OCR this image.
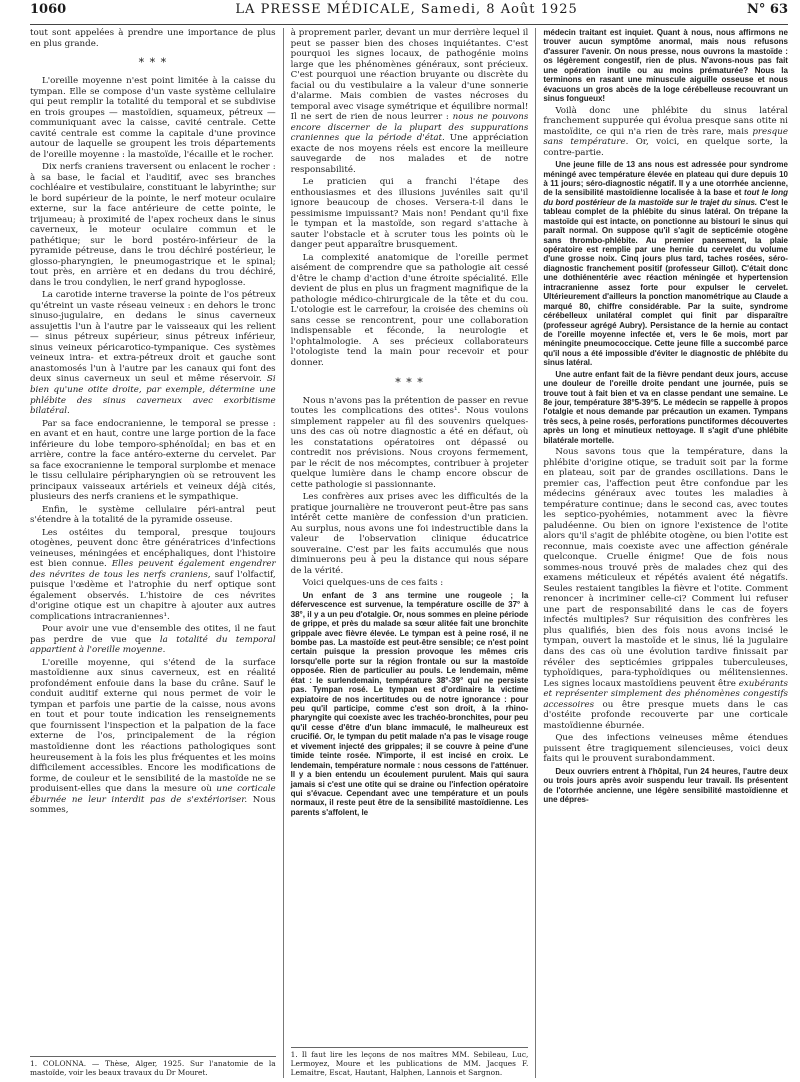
1060	LA PRESSE MÉDICALE, Samedi, 8 Août 1925	N° 63

tout sont appelées à prendre une importance de plus en plus grande.

* * *

L'oreille moyenne n'est point limitée à la caisse du tympan. Elle se compose d'un vaste système cellulaire qui peut remplir la totalité du temporal et se subdivise en trois groupes — mastoïdien, squameux, pétreux — communiquant avec la caisse, cavité centrale. Cette cavité centrale est comme la capitale d'une province autour de laquelle se groupent les trois départements de l'oreille moyenne : la mastoïde, l'écaille et le rocher.

Dix nerfs craniens traversent ou enlacent le rocher : à sa base, le facial et l'auditif, avec ses branches cochléaire et vestibulaire, constituant le labyrinthe; sur le bord supérieur de la pointe, le nerf moteur oculaire externe, sur la face antérieure de cette pointe, le trijumeau; à proximité de l'apex rocheux dans le sinus caverneux, le moteur oculaire commun et le pathétique; sur le bord postéro-inférieur de la pyramide pétreuse, dans le trou déchiré postérieur, le glosso-pharyngien, le pneumogastrique et le spinal; tout près, en arrière et en dedans du trou déchiré, dans le trou condylien, le nerf grand hypoglosse.

La carotide interne traverse la pointe de l'os pétreux qu'étreint un vaste réseau veineux : en dehors le tronc sinuso-jugulaire, en dedans le sinus caverneux assujettis l'un à l'autre par le vaisseaux qui les relient — sinus pétreux supérieur, sinus pétreux inférieur, sinus veineux péricarotico-tympanique. Ces systèmes veineux intra- et extra-pétreux droit et gauche sont anastomosés l'un à l'autre par les canaux qui font des deux sinus caverneux un seul et même réservoir. Si bien qu'une otite droite, par exemple, détermine une phlébite des sinus caverneux avec exorbitisme bilatéral.

Par sa face endocranienne, le temporal se presse : en avant et en haut, contre une large portion de la face inférieure du lobe temporo-sphénoïdal; en bas et en arrière, contre la face antéro-externe du cervelet. Par sa face exocranienne le temporal surplombe et menace le tissu cellulaire péripharyngien où se retrouvent les principaux vaisseaux artériels et veineux déjà cités, plusieurs des nerfs craniens et le sympathique.

Enfin, le système cellulaire péri-antral peut s'étendre à la totalité de la pyramide osseuse.

Les ostéites du temporal, presque toujours otogènes, peuvent donc être génératrices d'infections veineuses, méningées et encéphaliques, dont l'histoire est bien connue. Elles peuvent également engendrer des névrites de tous les nerfs craniens, sauf l'olfactif, puisque l'œdème et l'atrophie du nerf optique sont également observés. L'histoire de ces névrites d'origine otique est un chapitre à ajouter aux autres complications intracraniennes¹.

Pour avoir une vue d'ensemble des otites, il ne faut pas perdre de vue que la totalité du temporal appartient à l'oreille moyenne.

L'oreille moyenne, qui s'étend de la surface mastoïdienne aux sinus caverneux, est en réalité profondément enfouie dans la base du crâne. Sauf le conduit auditif externe qui nous permet de voir le tympan et parfois une partie de la caisse, nous avons en tout et pour toute indication les renseignements que fournissent l'inspection et la palpation de la face externe de l'os, principalement de la région mastoïdienne dont les réactions pathologiques sont heureusement à la fois les plus fréquentes et les moins difficilement accessibles. Encore les modifications de forme, de couleur et le sensibilité de la mastoïde ne se produisent-elles que dans la mesure où une corticale éburnée ne leur interdit pas de s'extérioriser. Nous sommes,

1. COLONNA. — Thèse, Alger, 1925. Sur l'anatomie de la mastoïde, voir les beaux travaux du Dr Mouret.

à proprement parler, devant un mur derrière lequel il peut se passer bien des choses inquiétantes. C'est pourquoi les signes locaux, de pathogénie moins large que les phénomènes généraux, sont précieux. C'est pourquoi une réaction bruyante ou discrète du facial ou du vestibulaire a la valeur d'une sonnerie d'alarme. Mais combien de vastes nécroses du temporal avec visage symétrique et équilibre normal! Il ne sert de rien de nous leurrer : nous ne pouvons encore discerner de la plupart des suppurations craniennes que la période d'état. Une appréciation exacte de nos moyens réels est encore la meilleure sauvegarde de nos malades et de notre responsabilité.

Le praticien qui a franchi l'étape des enthousiasmes et des illusions juvéniles sait qu'il ignore beaucoup de choses. Versera-t-il dans le pessimisme impuissant? Mais non! Pendant qu'il fixe le tympan et la mastoïde, son regard s'attache à sauter l'obstacle et à scruter tous les points où le danger peut apparaître brusquement.

La complexité anatomique de l'oreille permet aisément de comprendre que sa pathologie ait cessé d'être le champ d'action d'une étroite spécialité. Elle devient de plus en plus un fragment magnifique de la pathologie médico-chirurgicale de la tête et du cou. L'otologie est le carrefour, la croisée des chemins où sans cesse se rencontrent, pour une collaboration indispensable et féconde, la neurologie et l'ophtalmologie. A ses précieux collaborateurs l'otologiste tend la main pour recevoir et pour donner.

* * *

Nous n'avons pas la prétention de passer en revue toutes les complications des otites¹. Nous voulons simplement rappeler au fil des souvenirs quelques-uns des cas où notre diagnostic a été en défaut, où les constatations opératoires ont dépassé ou contredit nos prévisions. Nous croyons fermement, par le récit de nos mécomptes, contribuer à projeter quelque lumière dans le champ encore obscur de cette pathologie si passionnante.

Les confrères aux prises avec les difficultés de la pratique journalière ne trouveront peut-être pas sans intérêt cette manière de confession d'un praticien. Au surplus, nous avons une foi indestructible dans la valeur de l'observation clinique éducatrice souveraine. C'est par les faits accumulés que nous diminuerons peu à peu la distance qui nous sépare de la vérité.

Voici quelques-uns de ces faits :

Un enfant de 3 ans termine une rougeole ; la défervescence est survenue, la température oscille de 37° à 38°, il y a un peu d'otalgie. Or, nous sommes en pleine période de grippe, et près du malade sa sœur alitée fait une bronchite grippale avec fièvre élevée. Le tympan est à peine rosé, il ne bombe pas. La mastoïde est peut-être sensible; ce n'est point certain puisque la pression provoque les mêmes cris lorsqu'elle porte sur la région frontale ou sur la mastoïde opposée. Rien de particulier au pouls. Le lendemain, même état : le surlendemain, température 38°-39° qui ne persiste pas. Tympan rosé. Le tympan est d'ordinaire la victime expiatoire de nos incertitudes ou de notre ignorance : pour peu qu'il participe, comme c'est son droit, à la rhino-pharyngite qui coexiste avec les trachéo-bronchites, pour peu qu'il cesse d'être d'un blanc immaculé, le malheureux est crucifié. Or, le tympan du petit malade n'a pas le visage rouge et vivement injecté des grippales; il se couvre à peine d'une timide teinte rosée. N'importe, il est incisé en croix. Le lendemain, température normale : nous cessons de l'atténuer. Il y a bien entendu un écoulement purulent. Mais qui saura jamais si c'est une otite qui se draine ou l'infection opératoire qui s'évacue. Cependant avec une température et un pouls normaux, il reste peut être de la sensibilité mastoïdienne. Les parents s'affolent, le

1. Il faut lire les leçons de nos maîtres MM. Sebileau, Luc, Lermoyez, Moure et les publications de MM. Jacques F. Lemaitre, Escat, Hautant, Halphen, Lannois et Sargnon.

médecin traitant est inquiet. Quant à nous, nous affirmons ne trouver aucun symptôme anormal, mais nous refusons d'assurer l'avenir. On nous presse, nous ouvrons la mastoïde : os légèrement congestif, rien de plus. N'avons-nous pas fait une opération inutile ou au moins prématurée? Nous la terminons en rasant une minuscule aiguille osseuse et nous évacuons un gros abcès de la loge cérébelleuse recouvrant un sinus fongueux!

Voilà donc une phlébite du sinus latéral franchement suppurée qui évolua presque sans otite ni mastoïdite, ce qui n'a rien de très rare, mais presque sans température. Or, voici, en quelque sorte, la contre-partie.

Une jeune fille de 13 ans nous est adressée pour syndrome méningé avec température élevée en plateau qui dure depuis 10 à 11 jours; séro-diagnostic négatif. Il y a une otorrhée ancienne, de la sensibilité mastoïdienne localisée à la base et tout le long du bord postérieur de la mastoïde sur le trajet du sinus. C'est le tableau complet de la phlébite du sinus latéral. On trépane la mastoïde qui est intacte, on ponctionne au bistouri le sinus qui paraît normal. On suppose qu'il s'agit de septicémie otogène sans thrombo-phlébite. Au premier pansement, la plaie opératoire est remplie par une hernie du cervelet du volume d'une grosse noix. Cinq jours plus tard, taches rosées, séro-diagnostic franchement positif (professeur Gillot). C'était donc une dothiénentérie avec réaction méningée et hypertension intracranienne assez forte pour expulser le cervelet. Ultérieurement d'ailleurs la ponction manométrique au Claude a marqué 80, chiffre considérable. Par la suite, syndrome cérébelleux unilatéral complet qui finit par disparaître (professeur agrégé Aubry). Persistance de la hernie au contact de l'oreille moyenne infectée et, vers le 6e mois, mort par méningite pneumococcique. Cette jeune fille a succombé parce qu'il nous a été impossible d'éviter le diagnostic de phlébite du sinus latéral.

Une autre enfant fait de la fièvre pendant deux jours, accuse une douleur de l'oreille droite pendant une journée, puis se trouve tout à fait bien et va en classe pendant une semaine. Le 8e jour, température 38°5-39°5. Le médecin se rappelle à propos l'otalgie et nous demande par précaution un examen. Tympans très secs, à peine rosés, perforations punctiformes découvertes après un long et minutieux nettoyage. Il s'agit d'une phlébite bilatérale mortelle.

Nous savons tous que la température, dans la phlébite d'origine otique, se traduit soit par la forme en plateau, soit par de grandes oscillations. Dans le premier cas, l'affection peut être confondue par les médecins généraux avec toutes les maladies à température continue; dans le second cas, avec toutes les septico-pyohémies, notamment avec la fièvre paludéenne. Ou bien on ignore l'existence de l'otite alors qu'il s'agit de phlébite otogène, ou bien l'otite est reconnue, mais coexiste avec une affection générale quelconque. Cruelle énigme! Que de fois nous sommes-nous trouvé près de malades chez qui des examens méticuleux et répétés avaient été négatifs. Seules restaient tangibles la fièvre et l'otite. Comment renoncer à incriminer celle-ci? Comment lui refuser une part de responsabilité dans le cas de foyers infectés multiples? Sur réquisition des confrères les plus qualifiés, bien des fois nous avons incisé le tympan, ouvert la mastoïde et le sinus, lié la jugulaire dans des cas où une évolution tardive finissait par révéler des septicémies grippales tuberculeuses, typhoïdiques, para-typhoïdiques ou mélitensiennes. Les signes locaux mastoïdiens peuvent être exubérants et représenter simplement des phénomènes congestifs accessoires ou être presque muets dans le cas d'ostéite profonde recouverte par une corticale mastoïdienne éburnée.

Que des infections veineuses même étendues puissent être tragiquement silencieuses, voici deux faits qui le prouvent surabondamment.

Deux ouvriers entrent à l'hôpital, l'un 24 heures, l'autre deux ou trois jours après avoir suspendu leur travail. Ils présentent de l'otorrhée ancienne, une légère sensibilité mastoïdienne et une dépres-
